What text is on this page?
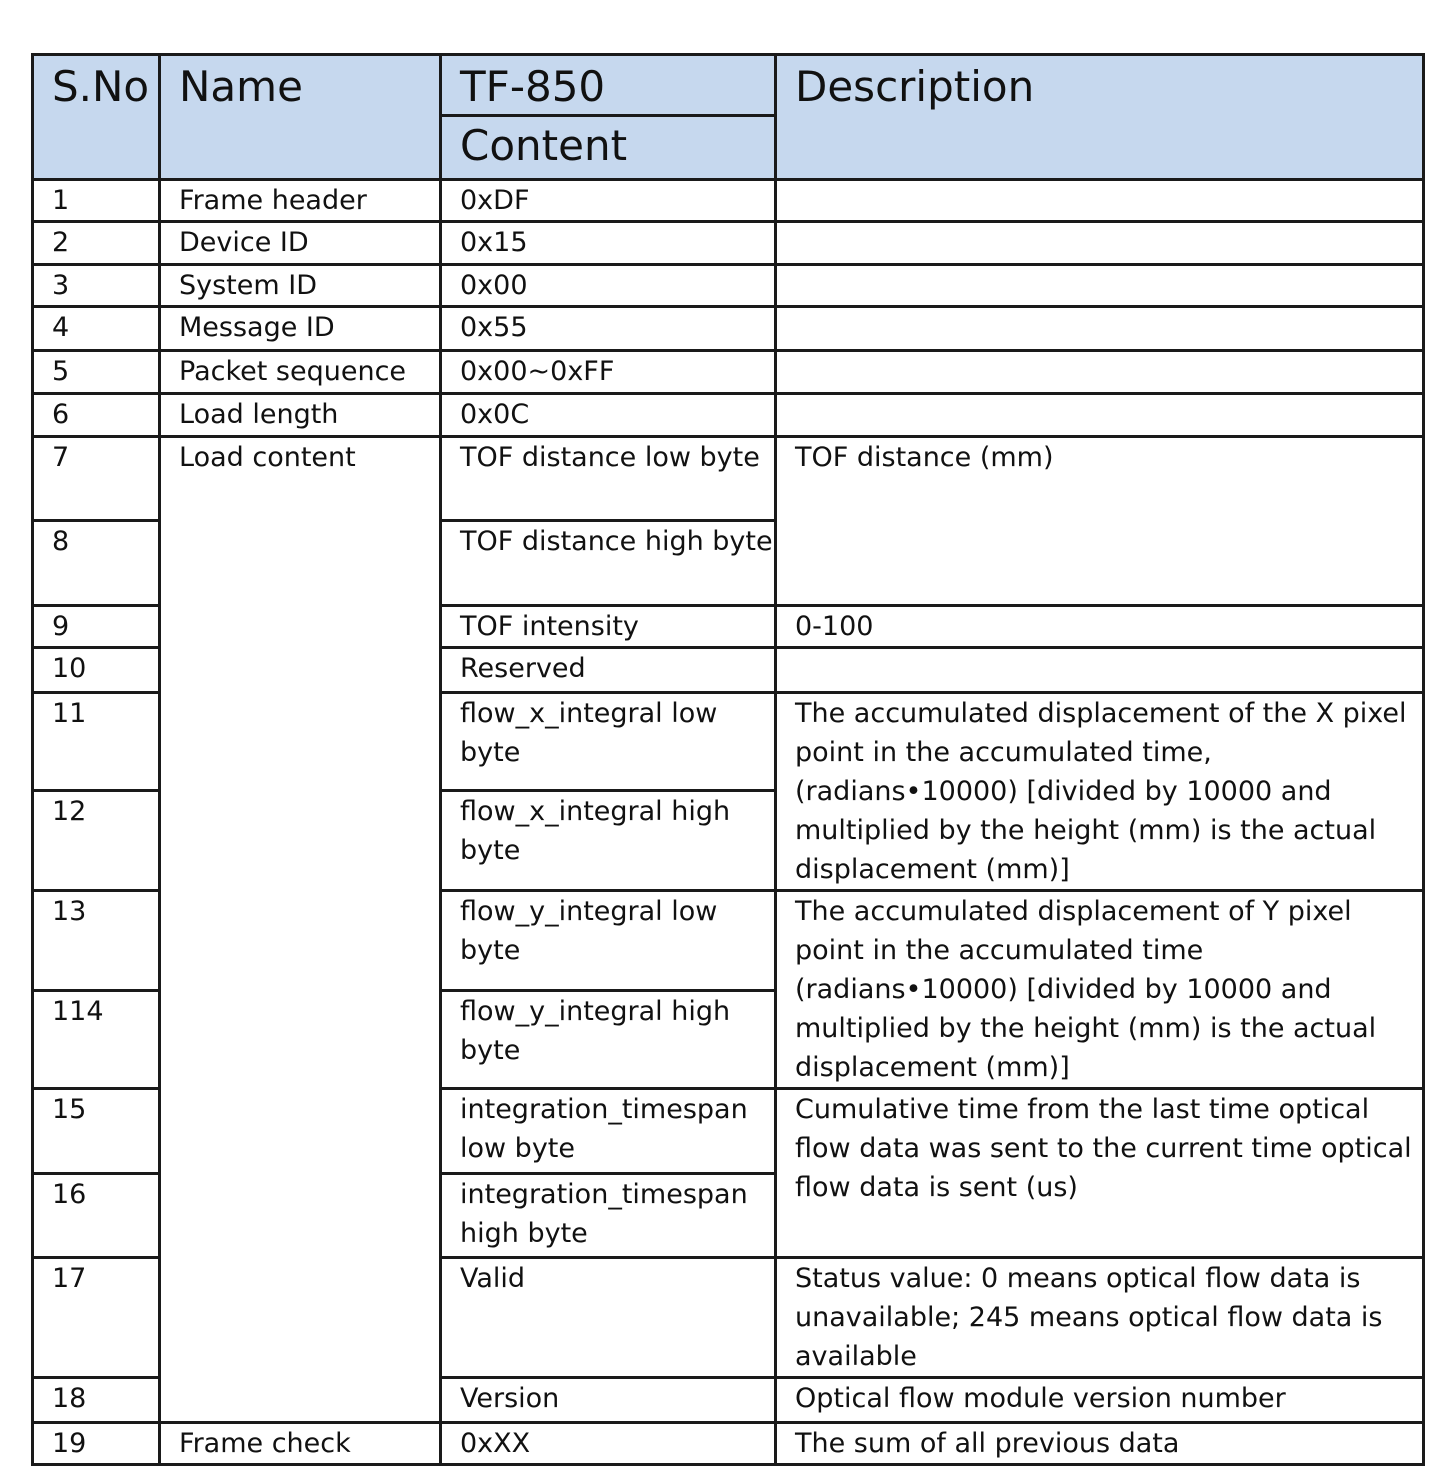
S.No	Name	TF-850	Description
		Content	
1	Frame header	0xDF	
2	Device ID	0x15	
3	System ID	0x00	
4	Message ID	0x55	
5	Packet sequence	0x00~0xFF	
6	Load length	0x0C	
7	Load content	TOF distance low byte	TOF distance (mm)
8		TOF distance high byte	
9		TOF intensity	0-100
10		Reserved	
11		flow_x_integral low byte	The accumulated displacement of the X pixel point in the accumulated time, (radians•10000) [divided by 10000 and multiplied by the height (mm) is the actual displacement (mm)]
12		flow_x_integral high byte	
13		flow_y_integral low byte	The accumulated displacement of Y pixel point in the accumulated time (radians•10000) [divided by 10000 and multiplied by the height (mm) is the actual displacement (mm)]
114		flow_y_integral high byte	
15		integration_timespan low byte	Cumulative time from the last time optical flow data was sent to the current time optical flow data is sent (us)
16		integration_timespan high byte	
17		Valid	Status value: 0 means optical flow data is unavailable; 245 means optical flow data is available
18		Version	Optical flow module version number
19	Frame check	0xXX	The sum of all previous data
